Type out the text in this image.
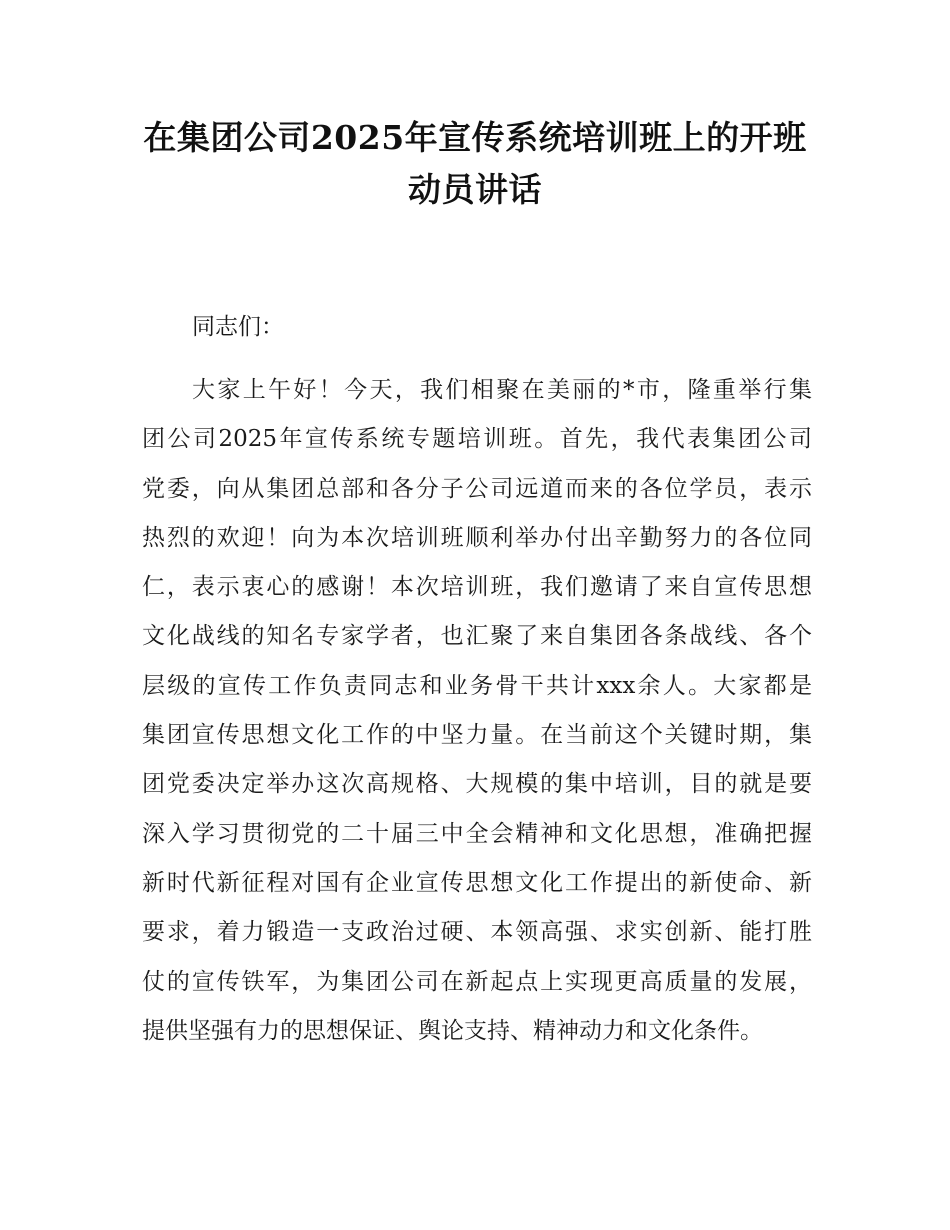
在集团公司2025年宣传系统培训班上的开班
动员讲话

同志们：

大家上午好！今天，我们相聚在美丽的*市，隆重举行集
团公司2025年宣传系统专题培训班。首先，我代表集团公司
党委，向从集团总部和各分子公司远道而来的各位学员，表示
热烈的欢迎！向为本次培训班顺利举办付出辛勤努力的各位同
仁，表示衷心的感谢！本次培训班，我们邀请了来自宣传思想
文化战线的知名专家学者，也汇聚了来自集团各条战线、各个
层级的宣传工作负责同志和业务骨干共计xxx余人。大家都是
集团宣传思想文化工作的中坚力量。在当前这个关键时期，集
团党委决定举办这次高规格、大规模的集中培训，目的就是要
深入学习贯彻党的二十届三中全会精神和文化思想，准确把握
新时代新征程对国有企业宣传思想文化工作提出的新使命、新
要求，着力锻造一支政治过硬、本领高强、求实创新、能打胜
仗的宣传铁军，为集团公司在新起点上实现更高质量的发展，
提供坚强有力的思想保证、舆论支持、精神动力和文化条件。
